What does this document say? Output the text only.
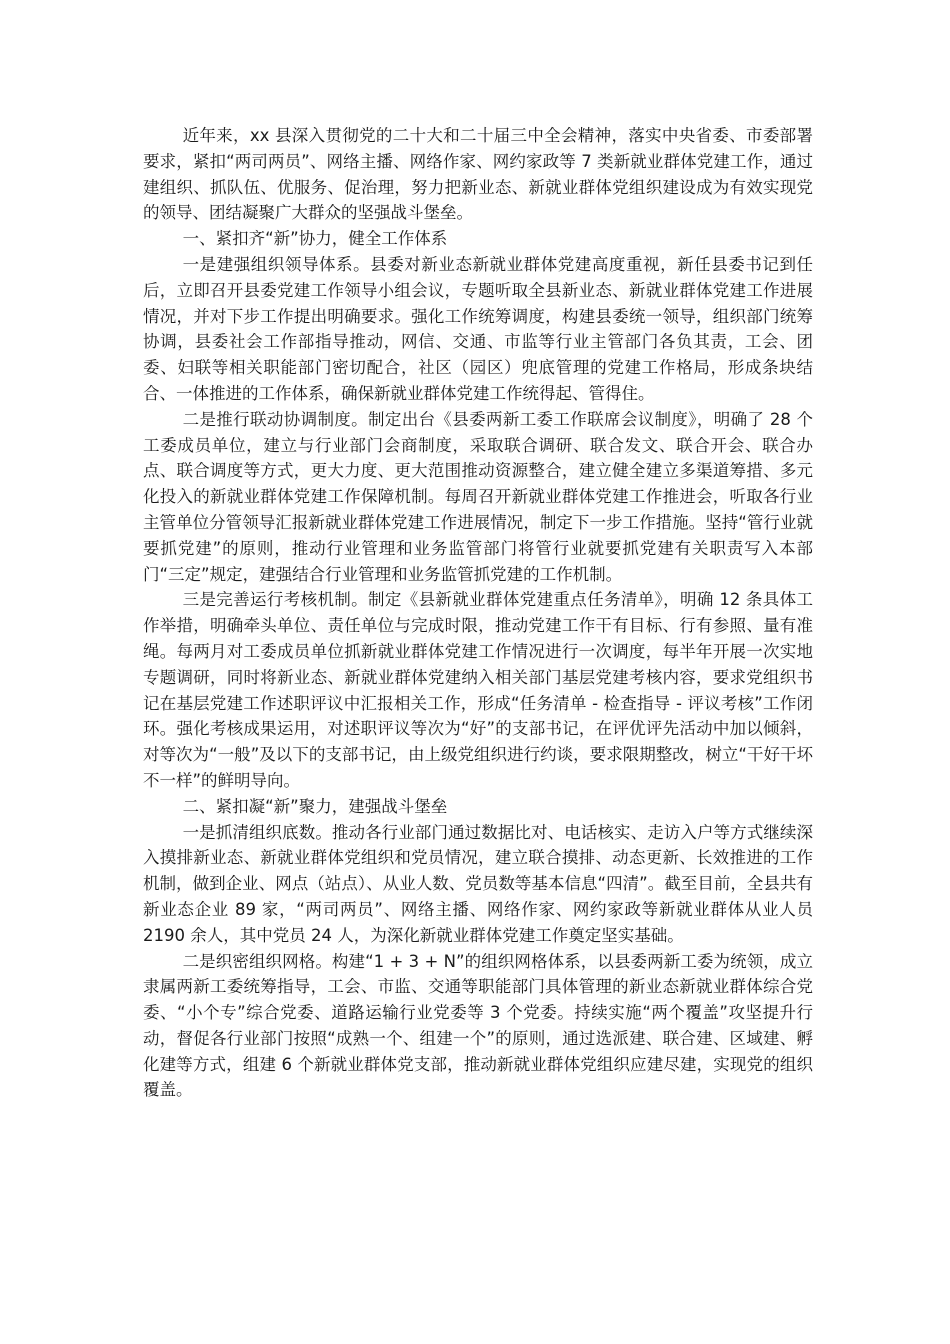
近年来，xx 县深入贯彻党的二十大和二十届三中全会精神，落实中央省委、市委部署要求，紧扣“两司两员”、网络主播、网络作家、网约家政等 7 类新就业群体党建工作，通过建组织、抓队伍、优服务、促治理，努力把新业态、新就业群体党组织建设成为有效实现党的领导、团结凝聚广大群众的坚强战斗堡垒。

一、紧扣齐“新”协力，健全工作体系

一是建强组织领导体系。县委对新业态新就业群体党建高度重视，新任县委书记到任后，立即召开县委党建工作领导小组会议，专题听取全县新业态、新就业群体党建工作进展情况，并对下步工作提出明确要求。强化工作统筹调度，构建县委统一领导，组织部门统筹协调，县委社会工作部指导推动，网信、交通、市监等行业主管部门各负其责，工会、团委、妇联等相关职能部门密切配合，社区（园区）兜底管理的党建工作格局，形成条块结合、一体推进的工作体系，确保新就业群体党建工作统得起、管得住。

二是推行联动协调制度。制定出台《县委两新工委工作联席会议制度》，明确了 28 个工委成员单位，建立与行业部门会商制度，采取联合调研、联合发文、联合开会、联合办点、联合调度等方式，更大力度、更大范围推动资源整合，建立健全建立多渠道筹措、多元化投入的新就业群体党建工作保障机制。每周召开新就业群体党建工作推进会，听取各行业主管单位分管领导汇报新就业群体党建工作进展情况，制定下一步工作措施。坚持“管行业就要抓党建”的原则，推动行业管理和业务监管部门将管行业就要抓党建有关职责写入本部门“三定”规定，建强结合行业管理和业务监管抓党建的工作机制。

三是完善运行考核机制。制定《县新就业群体党建重点任务清单》，明确 12 条具体工作举措，明确牵头单位、责任单位与完成时限，推动党建工作干有目标、行有参照、量有准绳。每两月对工委成员单位抓新就业群体党建工作情况进行一次调度，每半年开展一次实地专题调研，同时将新业态、新就业群体党建纳入相关部门基层党建考核内容，要求党组织书记在基层党建工作述职评议中汇报相关工作，形成“任务清单 - 检查指导 - 评议考核”工作闭环。强化考核成果运用，对述职评议等次为“好”的支部书记，在评优评先活动中加以倾斜，对等次为“一般”及以下的支部书记，由上级党组织进行约谈，要求限期整改，树立“干好干坏不一样”的鲜明导向。

二、紧扣凝“新”聚力，建强战斗堡垒

一是抓清组织底数。推动各行业部门通过数据比对、电话核实、走访入户等方式继续深入摸排新业态、新就业群体党组织和党员情况，建立联合摸排、动态更新、长效推进的工作机制，做到企业、网点（站点）、从业人数、党员数等基本信息“四清”。截至目前，全县共有新业态企业 89 家，“两司两员”、网络主播、网络作家、网约家政等新就业群体从业人员 2190 余人，其中党员 24 人，为深化新就业群体党建工作奠定坚实基础。

二是织密组织网格。构建“1 + 3 + N”的组织网格体系，以县委两新工委为统领，成立隶属两新工委统筹指导，工会、市监、交通等职能部门具体管理的新业态新就业群体综合党委、“小个专”综合党委、道路运输行业党委等 3 个党委。持续实施“两个覆盖”攻坚提升行动，督促各行业部门按照“成熟一个、组建一个”的原则，通过选派建、联合建、区域建、孵化建等方式，组建 6 个新就业群体党支部，推动新就业群体党组织应建尽建，实现党的组织覆盖。
